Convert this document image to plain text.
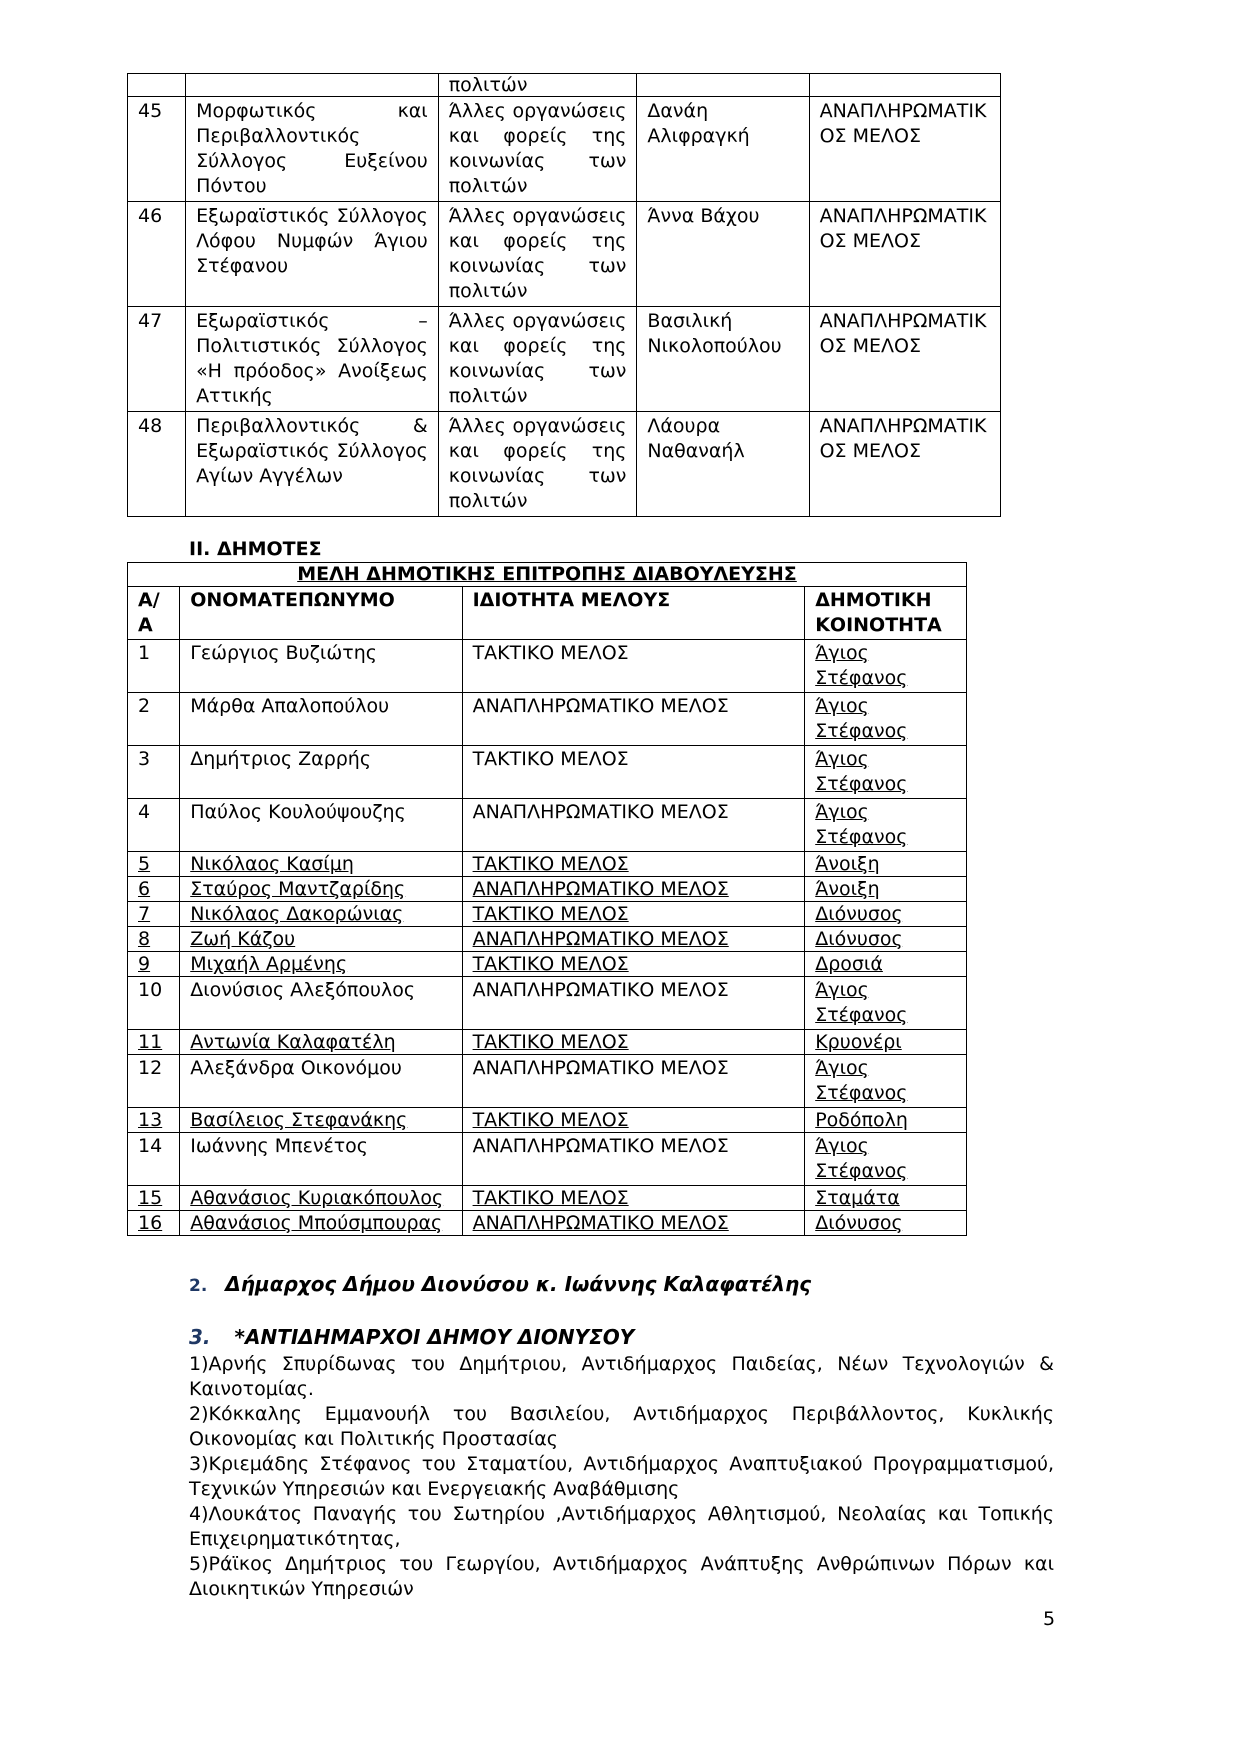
		πολιτών		
45	Μορφωτικός και Περιβαλλοντικός Σύλλογος Ευξείνου Πόντου	Άλλες οργανώσεις και φορείς της κοινωνίας των πολιτών	Δανάη Αλιφραγκή	ΑΝΑΠΛΗΡΩΜΑΤΙΚ ΟΣ ΜΕΛΟΣ
46	Εξωραϊστικός Σύλλογος Λόφου Νυμφών Άγιου Στέφανου	Άλλες οργανώσεις και φορείς της κοινωνίας των πολιτών	Άννα Βάχου	ΑΝΑΠΛΗΡΩΜΑΤΙΚ ΟΣ ΜΕΛΟΣ
47	Εξωραϊστικός – Πολιτιστικός Σύλλογος «Η πρόοδος» Ανοίξεως Αττικής	Άλλες οργανώσεις και φορείς της κοινωνίας των πολιτών	Βασιλική Νικολοπούλου	ΑΝΑΠΛΗΡΩΜΑΤΙΚ ΟΣ ΜΕΛΟΣ
48	Περιβαλλοντικός & Εξωραϊστικός Σύλλογος Αγίων Αγγέλων	Άλλες οργανώσεις και φορείς της κοινωνίας των πολιτών	Λάουρα Ναθαναήλ	ΑΝΑΠΛΗΡΩΜΑΤΙΚ ΟΣ ΜΕΛΟΣ
ΙΙ. ΔΗΜΟΤΕΣ
ΜΕΛΗ ΔΗΜΟΤΙΚΗΣ ΕΠΙΤΡΟΠΗΣ ΔΙΑΒΟΥΛΕΥΣΗΣ			
Α/ Α	ΟΝΟΜΑΤΕΠΩΝΥΜΟ	ΙΔΙΟΤΗΤΑ ΜΕΛΟΥΣ	ΔΗΜΟΤΙΚΗ ΚΟΙΝΟΤΗΤΑ
1	Γεώργιος Βυζιώτης	ΤΑΚΤΙΚΟ ΜΕΛΟΣ	Άγιος Στέφανος
2	Μάρθα Απαλοπούλου	ΑΝΑΠΛΗΡΩΜΑΤΙΚΟ ΜΕΛΟΣ	Άγιος Στέφανος
3	Δημήτριος Ζαρρής	ΤΑΚΤΙΚΟ ΜΕΛΟΣ	Άγιος Στέφανος
4	Παύλος Κουλούψουζης	ΑΝΑΠΛΗΡΩΜΑΤΙΚΟ ΜΕΛΟΣ	Άγιος Στέφανος
5	Νικόλαος Κασίμη	ΤΑΚΤΙΚΟ ΜΕΛΟΣ	Άνοιξη
6	Σταύρος Μαντζαρίδης	ΑΝΑΠΛΗΡΩΜΑΤΙΚΟ ΜΕΛΟΣ	Άνοιξη
7	Νικόλαος Δακορώνιας	ΤΑΚΤΙΚΟ ΜΕΛΟΣ	Διόνυσος
8	Ζωή Κάζου	ΑΝΑΠΛΗΡΩΜΑΤΙΚΟ ΜΕΛΟΣ	Διόνυσος
9	Μιχαήλ Αρμένης	ΤΑΚΤΙΚΟ ΜΕΛΟΣ	Δροσιά
10	Διονύσιος Αλεξόπουλος	ΑΝΑΠΛΗΡΩΜΑΤΙΚΟ ΜΕΛΟΣ	Άγιος Στέφανος
11	Αντωνία Καλαφατέλη	ΤΑΚΤΙΚΟ ΜΕΛΟΣ	Κρυονέρι
12	Αλεξάνδρα Οικονόμου	ΑΝΑΠΛΗΡΩΜΑΤΙΚΟ ΜΕΛΟΣ	Άγιος Στέφανος
13	Βασίλειος Στεφανάκης	ΤΑΚΤΙΚΟ ΜΕΛΟΣ	Ροδόπολη
14	Ιωάννης Μπενέτος	ΑΝΑΠΛΗΡΩΜΑΤΙΚΟ ΜΕΛΟΣ	Άγιος Στέφανος
15	Αθανάσιος Κυριακόπουλος	ΤΑΚΤΙΚΟ ΜΕΛΟΣ	Σταμάτα
16	Αθανάσιος Μπούσμπουρας	ΑΝΑΠΛΗΡΩΜΑΤΙΚΟ ΜΕΛΟΣ	Διόνυσος
2. Δήμαρχος Δήμου Διονύσου κ. Ιωάννης Καλαφατέλης
3. *ΑΝΤΙΔΗΜΑΡΧΟΙ ΔΗΜΟΥ ΔΙΟΝΥΣΟΥ

1)Αρνής Σπυρίδωνας του Δημήτριου, Αντιδήμαρχος Παιδείας, Νέων Τεχνολογιών & Καινοτομίας.

2)Κόκκαλης Εμμανουήλ του Βασιλείου, Αντιδήμαρχος Περιβάλλοντος, Κυκλικής Οικονομίας και Πολιτικής Προστασίας

3)Κριεμάδης Στέφανος του Σταματίου, Αντιδήμαρχος Αναπτυξιακού Προγραμματισμού, Τεχνικών Υπηρεσιών και Ενεργειακής Αναβάθμισης

4)Λουκάτος Παναγής του Σωτηρίου ,Αντιδήμαρχος Αθλητισμού, Νεολαίας και Τοπικής Επιχειρηματικότητας,

5)Ράϊκος Δημήτριος του Γεωργίου, Αντιδήμαρχος Ανάπτυξης Ανθρώπινων Πόρων και Διοικητικών Υπηρεσιών

5
